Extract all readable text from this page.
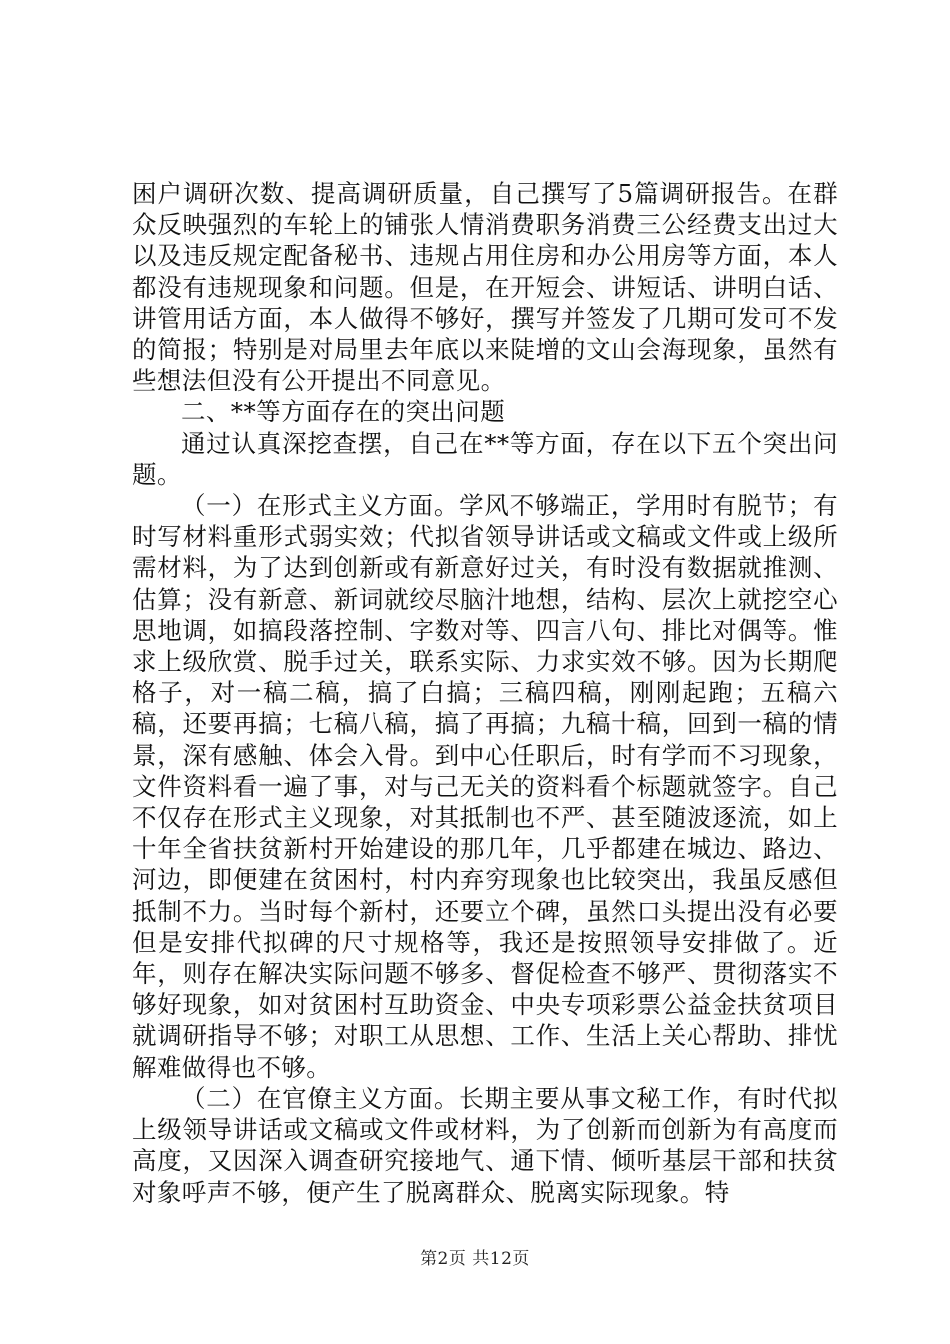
困户调研次数、提高调研质量，自己撰写了5篇调研报告。在群众反映强烈的车轮上的铺张人情消费职务消费三公经费支出过大以及违反规定配备秘书、违规占用住房和办公用房等方面，本人都没有违规现象和问题。但是，在开短会、讲短话、讲明白话、讲管用话方面，本人做得不够好，撰写并签发了几期可发可不发的简报；特别是对局里去年底以来陡增的文山会海现象，虽然有些想法但没有公开提出不同意见。

二、**等方面存在的突出问题

通过认真深挖查摆，自己在**等方面，存在以下五个突出问题。

（一）在形式主义方面。学风不够端正，学用时有脱节；有时写材料重形式弱实效；代拟省领导讲话或文稿或文件或上级所需材料，为了达到创新或有新意好过关，有时没有数据就推测、估算；没有新意、新词就绞尽脑汁地想，结构、层次上就挖空心思地调，如搞段落控制、字数对等、四言八句、排比对偶等。惟求上级欣赏、脱手过关，联系实际、力求实效不够。因为长期爬格子，对一稿二稿，搞了白搞；三稿四稿，刚刚起跑；五稿六稿，还要再搞；七稿八稿，搞了再搞；九稿十稿，回到一稿的情景，深有感触、体会入骨。到中心任职后，时有学而不习现象，文件资料看一遍了事，对与己无关的资料看个标题就签字。自己不仅存在形式主义现象，对其抵制也不严、甚至随波逐流，如上十年全省扶贫新村开始建设的那几年，几乎都建在城边、路边、河边，即便建在贫困村，村内弃穷现象也比较突出，我虽反感但抵制不力。当时每个新村，还要立个碑，虽然口头提出没有必要但是安排代拟碑的尺寸规格等，我还是按照领导安排做了。近年，则存在解决实际问题不够多、督促检查不够严、贯彻落实不够好现象，如对贫困村互助资金、中央专项彩票公益金扶贫项目就调研指导不够；对职工从思想、工作、生活上关心帮助、排忧解难做得也不够。

（二）在官僚主义方面。长期主要从事文秘工作，有时代拟上级领导讲话或文稿或文件或材料，为了创新而创新为有高度而高度，又因深入调查研究接地气、通下情、倾听基层干部和扶贫对象呼声不够，便产生了脱离群众、脱离实际现象。特

第2页 共12页
